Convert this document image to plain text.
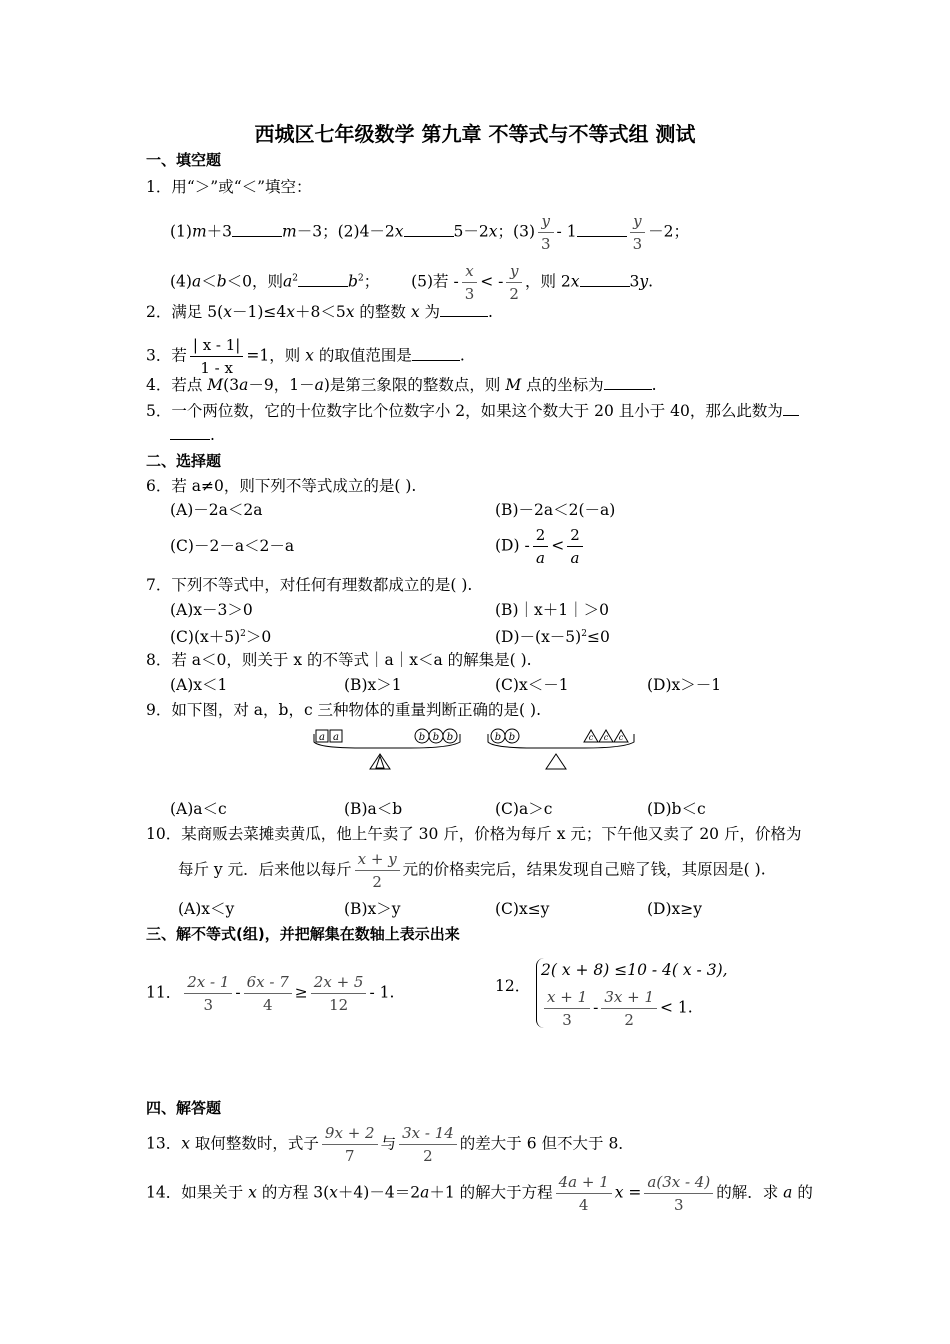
西城区七年级数学 第九章 不等式与不等式组 测试
一、填空题
1．用“＞”或“＜”填空：
(1)m＋3	m－3；(2)4－2x	5－2x；$(3) \frac{y}{3} - 1$	$\frac{y}{3} -2$；
(4)a＜b＜0，则$a^2$	$b^2$； (5)若 - $\frac{x}{3}$ < - $\frac{y}{2}$ ，则 2x	3y.
2．满足 5(x－1)≤4x＋8＜5x 的整数 x 为	.
3．若 $\frac{| x - 1|}{1 - x} =1$，则 x 的取值范围是	.
4．若点 M(3a－9，1－a)是第三象限的整数点，则 M 点的坐标为	.
5．一个两位数，它的十位数字比个位数字小 2，如果这个数大于 20 且小于 40，那么此数为
.
二、选择题
6．若 a≠0，则下列不等式成立的是( ).
(A)－2a＜2a	(B)－2a＜2(－a)
(C)－2－a＜2－a	$(D) - \frac{2}{a} < \frac{2}{a}$
7．下列不等式中，对任何有理数都成立的是( ).
(A)x－3＞0	(B)｜x＋1｜＞0
$(C)(x+5)^2>0$	$(D)-(x-5)^2\le 0$
8．若 a＜0，则关于 x 的不等式｜a｜x＜a 的解集是( ).
(A)x＜1	(B)x＞1	(C)x＜－1	(D)x＞－1
9．如下图，对 a，b，c 三种物体的重量判断正确的是( ).
a a	b b b	b b	c c c
(A)a＜c	(B)a＜b	(C)a＞c	(D)b＜c
10．某商贩去菜摊卖黄瓜，他上午卖了 30 斤，价格为每斤 x 元；下午他又卖了 20 斤，价格为
每斤 y 元．后来他以每斤 $\frac{x + y}{2}$ 元的价格卖完后，结果发现自己赔了钱，其原因是( ).
(A)x＜y	(B)x＞y	(C)x≤y	(D)x≥y
三、解不等式(组)，并把解集在数轴上表示出来
11． $\frac{2x - 1}{3} - \frac{6x - 7}{4} \ge \frac{2x + 5}{12} - 1$.	12．
2( x + 8) ≤10 - 4( x - 3),
$\frac{x + 1}{3} - \frac{3x + 1}{2} < 1$.
四、解答题
13．x 取何整数时，式子 $\frac{9x + 2}{7}$ 与 $\frac{3x - 14}{2}$ 的差大于 6 但不大于 8．
14．如果关于 x 的方程 3(x＋4)－4＝2a＋1 的解大于方程 $\frac{4a + 1}{4}$ $x = \frac{a(3x - 4)}{3}$ 的解．求 a 的
